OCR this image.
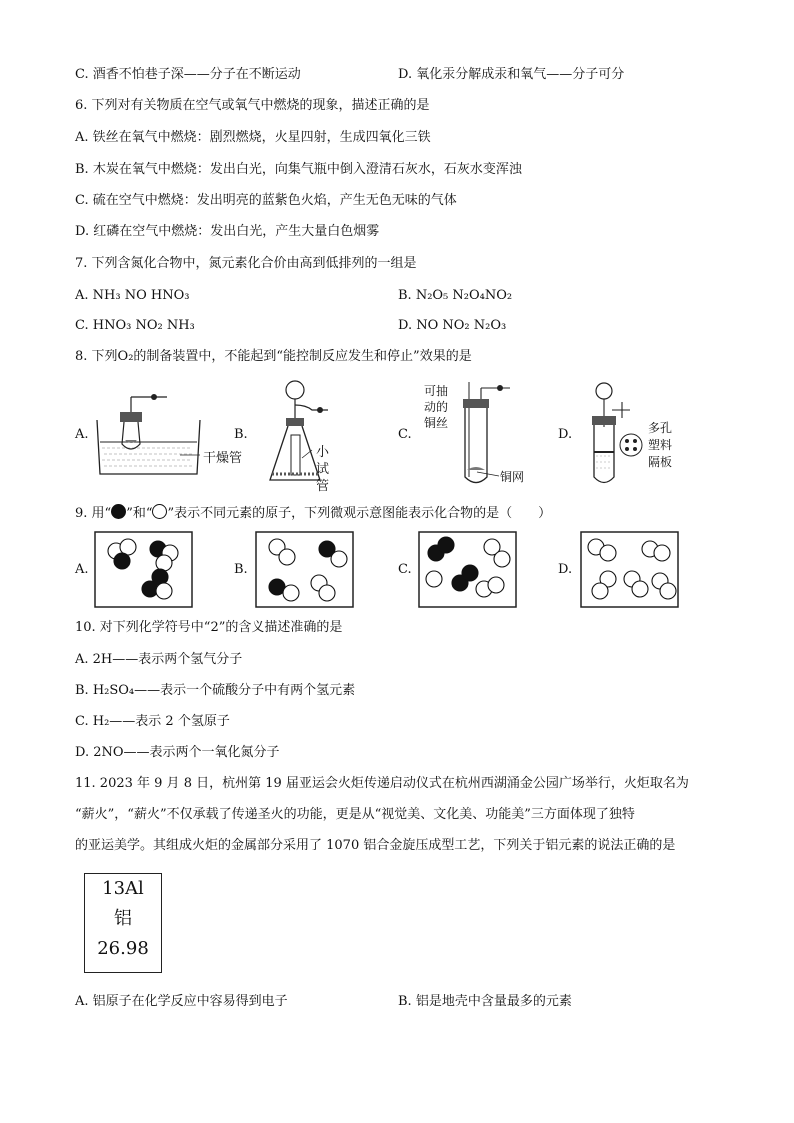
C. 酒香不怕巷子深——分子在不断运动	D. 氧化汞分解成汞和氧气——分子可分
6. 下列对有关物质在空气或氧气中燃烧的现象，描述正确的是
A. 铁丝在氧气中燃烧：剧烈燃烧，火星四射，生成四氧化三铁
B. 木炭在氧气中燃烧：发出白光，向集气瓶中倒入澄清石灰水，石灰水变浑浊
C. 硫在空气中燃烧：发出明亮的蓝紫色火焰，产生无色无味的气体
D. 红磷在空气中燃烧：发出白光，产生大量白色烟雾
7. 下列含氮化合物中，氮元素化合价由高到低排列的一组是
A. NH₃ NO HNO₃	B. N₂O₅ N₂O₄NO₂
C. HNO₃ NO₂ NH₃	D. NO NO₂ N₂O₃
8. 下列O₂的制备装置中，不能起到“能控制反应发生和停止”效果的是
A.	B.	C.	D.
干燥管	小
试
管
可抽
动的
铜丝
铜网
多孔
塑料
隔板
9. 用“ ”和“ ”表示不同元素的原子，下列微观示意图能表示化合物的是（　　）
A.	B.	C.	D.
10. 对下列化学符号中“2”的含义描述准确的是
A. 2H——表示两个氢气分子
B. H₂SO₄——表示一个硫酸分子中有两个氢元素
C. H₂——表示 2 个氢原子
D. 2NO——表示两个一氧化氮分子
11. 2023 年 9 月 8 日，杭州第 19 届亚运会火炬传递启动仪式在杭州西湖涌金公园广场举行，火炬取名为
“薪火”，“薪火”不仅承载了传递圣火的功能，更是从“视觉美、文化美、功能美”三方面体现了独特
的亚运美学。其组成火炬的金属部分采用了 1070 铝合金旋压成型工艺，下列关于铝元素的说法正确的是
13Al
铝
26.98
A. 铝原子在化学反应中容易得到电子	B. 铝是地壳中含量最多的元素
